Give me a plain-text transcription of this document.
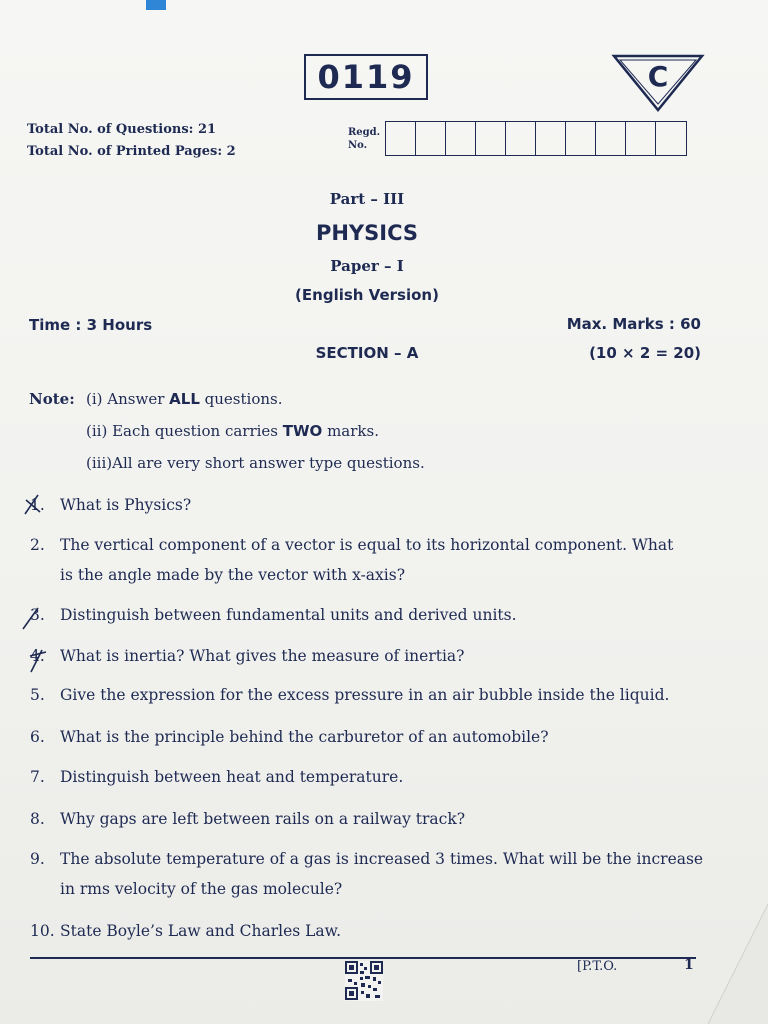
0119	C
Total No. of Questions: 21
Total No. of Printed Pages: 2
Regd.
No.
Part – III
PHYSICS
Paper – I
(English Version)
Time : 3 Hours	Max. Marks : 60
SECTION – A	(10 × 2 = 20)
Note: (i) Answer ALL questions.
(ii) Each question carries TWO marks.
(iii)All are very short answer type questions.
1. What is Physics?
2. The vertical component of a vector is equal to its horizontal component. What
is the angle made by the vector with x-axis?
3. Distinguish between fundamental units and derived units.
4. What is inertia? What gives the measure of inertia?
5. Give the expression for the excess pressure in an air bubble inside the liquid.
6. What is the principle behind the carburetor of an automobile?
7. Distinguish between heat and temperature.
8. Why gaps are left between rails on a railway track?
9. The absolute temperature of a gas is increased 3 times. What will be the increase
in rms velocity of the gas molecule?
10. State Boyle’s Law and Charles Law.
[P.T.O.	1
